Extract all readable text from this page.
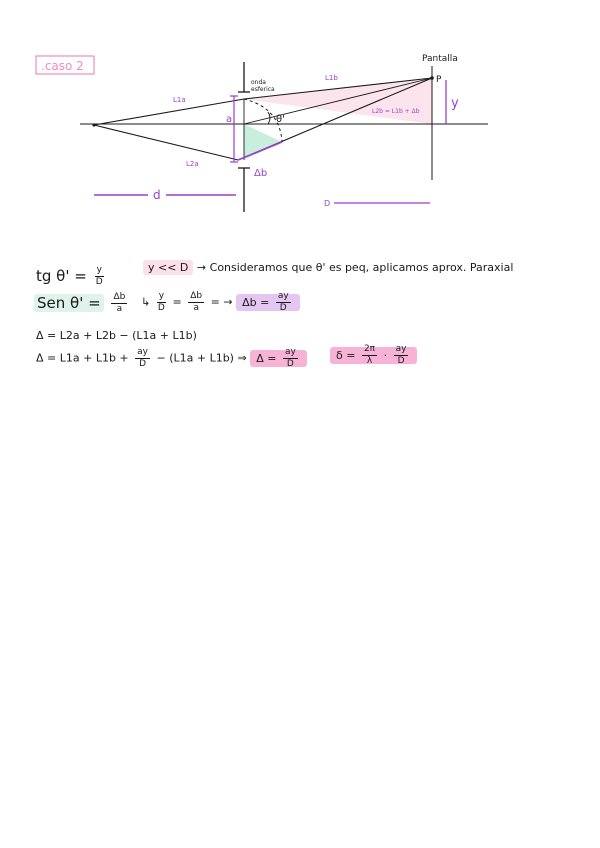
.caso 2	Pantalla
P
y
onda
esferica
a
L1a
L2a
L1b
L2b = L1b + Δb
θ'
Δb
d
D
tg $\theta' = \frac{y}{D}$	y << D → Consideramos que θ' es peq, aplicamos aprox. Paraxial
Sen $\theta' = \frac{\Delta b}{a}$ ↳ $\frac{y}{D} = \frac{\Delta b}{a}$ = → $\Delta b = \frac{ay}{D}$
Δ = L2a + L2b − (L1a + L1b)
$\Delta = L1a + L1b + \frac{ay}{D} - (L1a + L1b)$ ⇒ $\Delta = \frac{ay}{D}$	$\delta = \frac{2\pi}{\lambda} \cdot \frac{ay}{D}$
